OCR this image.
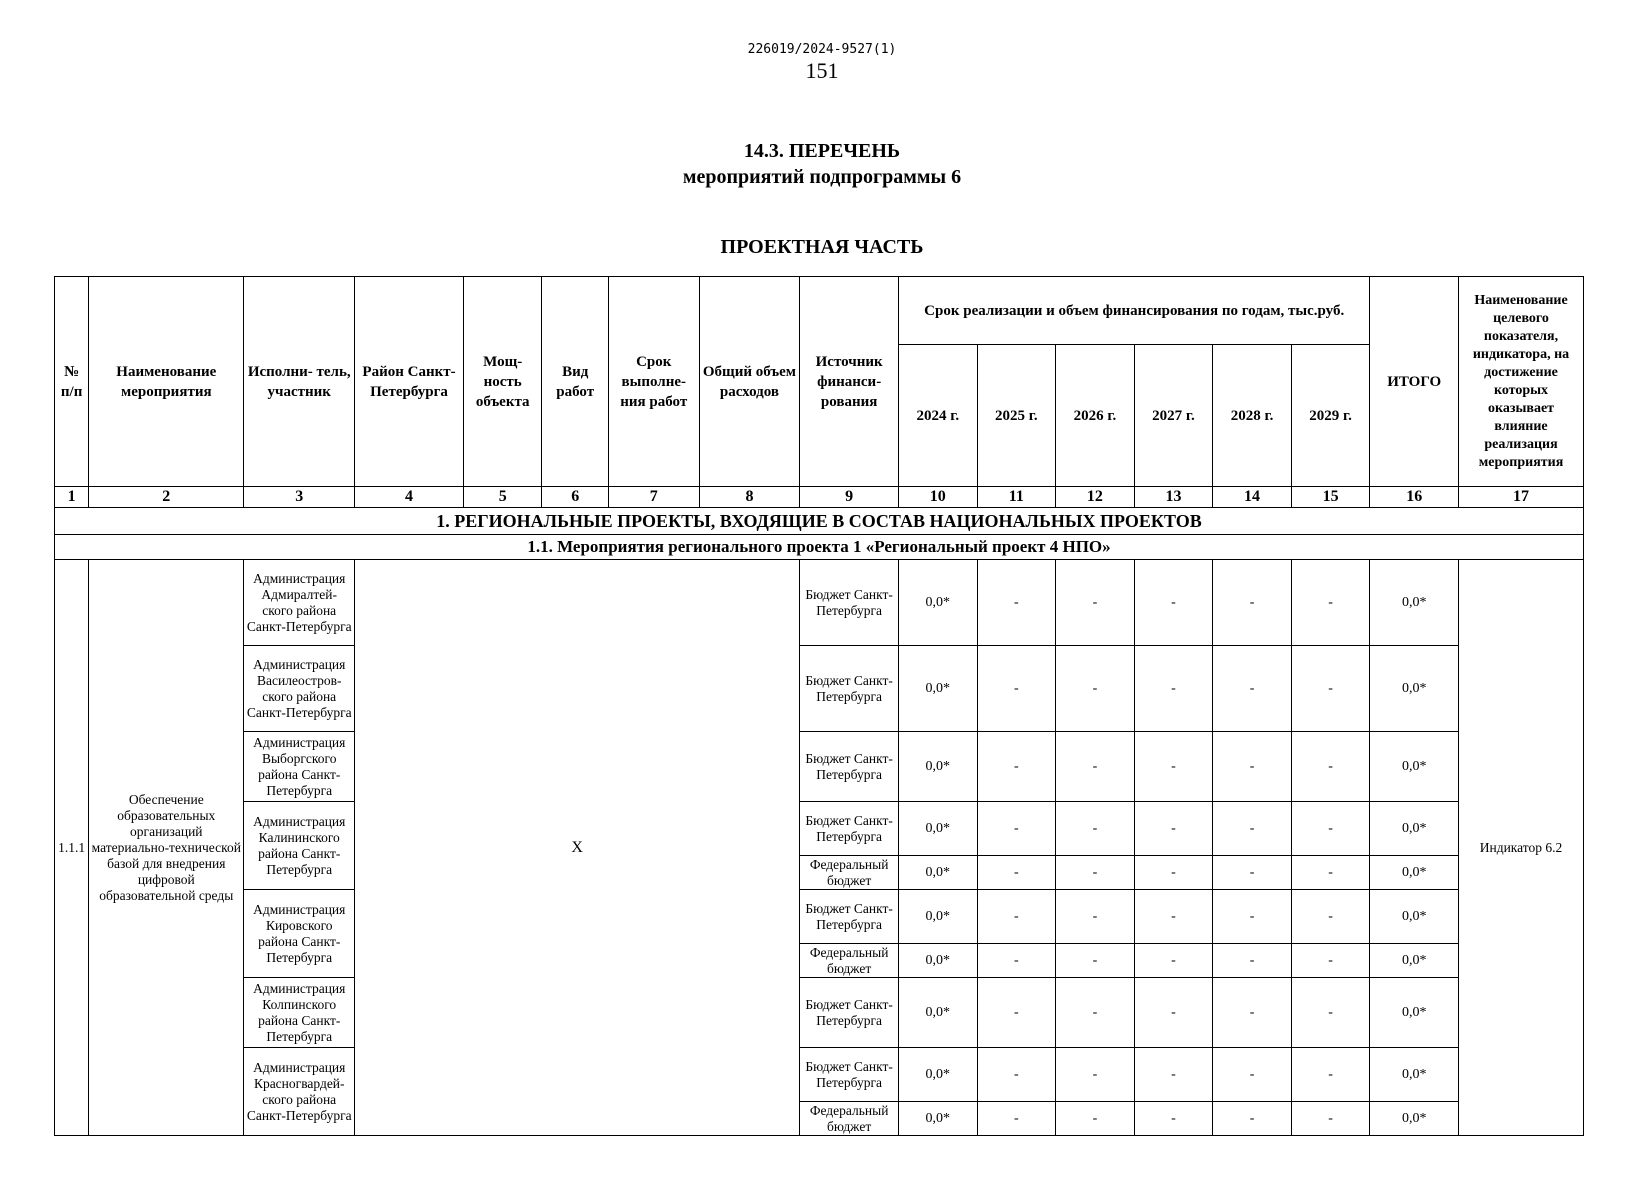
226019/2024-9527(1)
151
14.3. ПЕРЕЧЕНЬ
мероприятий подпрограммы 6
ПРОЕКТНАЯ ЧАСТЬ
№ п/п	Наименование мероприятия	Исполни- тель, участник	Район Санкт-Петербурга	Мощ- ность объекта	Вид работ	Срок выполне- ния работ	Общий объем расходов	Источник финанси- рования	Срок реализации и объем финансирования по годам, тыс.руб.						ИТОГО	Наименование целевого показателя, индикатора, на достижение которых оказывает влияние реализация мероприятия
									2024 г.	2025 г.	2026 г.	2027 г.	2028 г.	2029 г.		
1	2	3	4	5	6	7	8	9	10	11	12	13	14	15	16	17
1. РЕГИОНАЛЬНЫЕ ПРОЕКТЫ, ВХОДЯЩИЕ В СОСТАВ НАЦИОНАЛЬНЫХ ПРОЕКТОВ																
1.1. Мероприятия регионального проекта 1 «Региональный проект 4 НПО»																
1.1.1	Обеспечение образовательных организаций материально-технической базой для внедрения цифровой образовательной среды	Администрация Адмиралтей-ского района Санкт-Петербурга	X					Бюджет Санкт-Петербурга	0,0*	-	-	-	-	-	0,0*	Индикатор 6.2
		Администрация Василеостров-ского района Санкт-Петербурга						Бюджет Санкт-Петербурга	0,0*	-	-	-	-	-	0,0*	
		Администрация Выборгского района Санкт-Петербурга						Бюджет Санкт-Петербурга	0,0*	-	-	-	-	-	0,0*	
		Администрация Калининского района Санкт-Петербурга						Бюджет Санкт-Петербурга	0,0*	-	-	-	-	-	0,0*	
								Федеральный бюджет	0,0*	-	-	-	-	-	0,0*	
		Администрация Кировского района Санкт-Петербурга						Бюджет Санкт-Петербурга	0,0*	-	-	-	-	-	0,0*	
								Федеральный бюджет	0,0*	-	-	-	-	-	0,0*	
		Администрация Колпинского района Санкт-Петербурга						Бюджет Санкт-Петербурга	0,0*	-	-	-	-	-	0,0*	
		Администрация Красногвардей-ского района Санкт-Петербурга						Бюджет Санкт-Петербурга	0,0*	-	-	-	-	-	0,0*	
								Федеральный бюджет	0,0*	-	-	-	-	-	0,0*	
